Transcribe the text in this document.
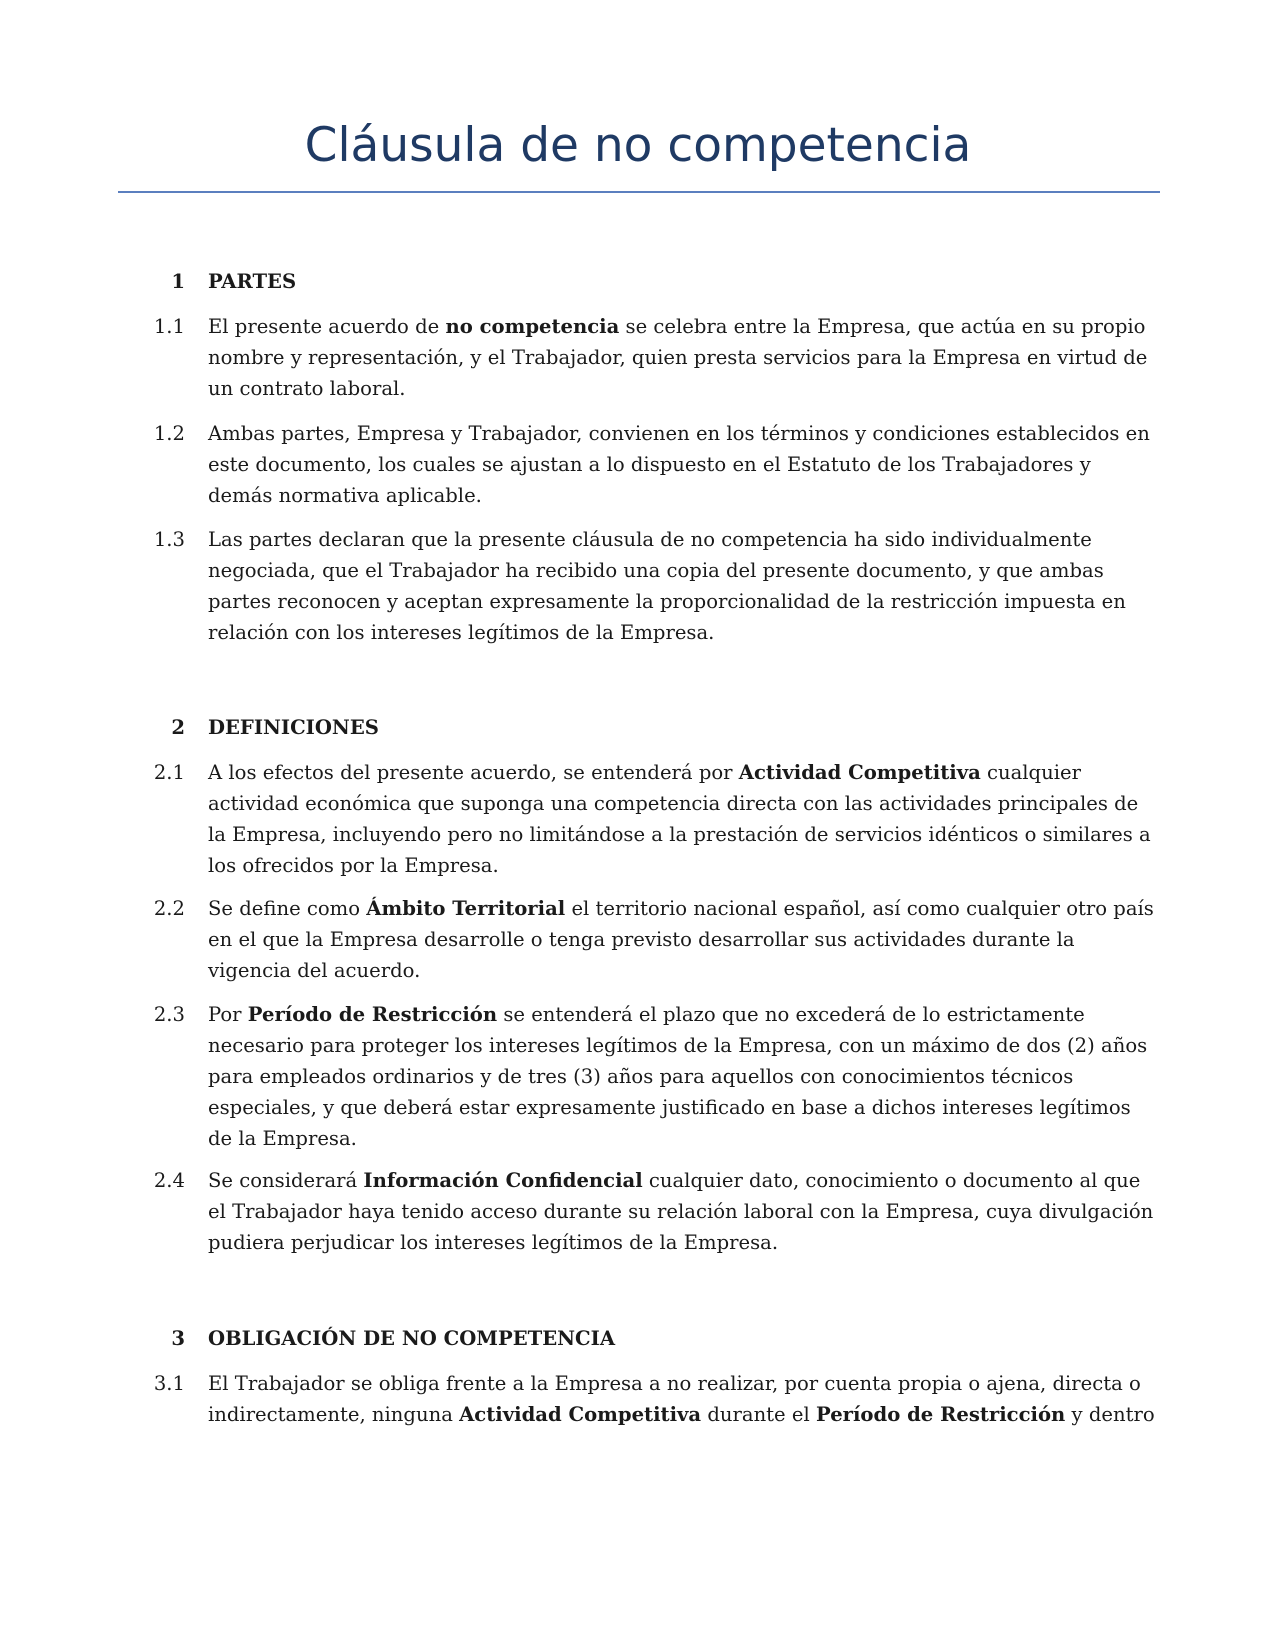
Cláusula de no competencia
1 PARTES
1.1 El presente acuerdo de no competencia se celebra entre la Empresa, que actúa en su propio
nombre y representación, y el Trabajador, quien presta servicios para la Empresa en virtud de
un contrato laboral.
1.2 Ambas partes, Empresa y Trabajador, convienen en los términos y condiciones establecidos en
este documento, los cuales se ajustan a lo dispuesto en el Estatuto de los Trabajadores y
demás normativa aplicable.
1.3 Las partes declaran que la presente cláusula de no competencia ha sido individualmente
negociada, que el Trabajador ha recibido una copia del presente documento, y que ambas
partes reconocen y aceptan expresamente la proporcionalidad de la restricción impuesta en
relación con los intereses legítimos de la Empresa.
2 DEFINICIONES
2.1 A los efectos del presente acuerdo, se entenderá por Actividad Competitiva cualquier
actividad económica que suponga una competencia directa con las actividades principales de
la Empresa, incluyendo pero no limitándose a la prestación de servicios idénticos o similares a
los ofrecidos por la Empresa.
2.2 Se define como Ámbito Territorial el territorio nacional español, así como cualquier otro país
en el que la Empresa desarrolle o tenga previsto desarrollar sus actividades durante la
vigencia del acuerdo.
2.3 Por Período de Restricción se entenderá el plazo que no excederá de lo estrictamente
necesario para proteger los intereses legítimos de la Empresa, con un máximo de dos (2) años
para empleados ordinarios y de tres (3) años para aquellos con conocimientos técnicos
especiales, y que deberá estar expresamente justificado en base a dichos intereses legítimos
de la Empresa.
2.4 Se considerará Información Confidencial cualquier dato, conocimiento o documento al que
el Trabajador haya tenido acceso durante su relación laboral con la Empresa, cuya divulgación
pudiera perjudicar los intereses legítimos de la Empresa.
3 OBLIGACIÓN DE NO COMPETENCIA
3.1 El Trabajador se obliga frente a la Empresa a no realizar, por cuenta propia o ajena, directa o
indirectamente, ninguna Actividad Competitiva durante el Período de Restricción y dentro
